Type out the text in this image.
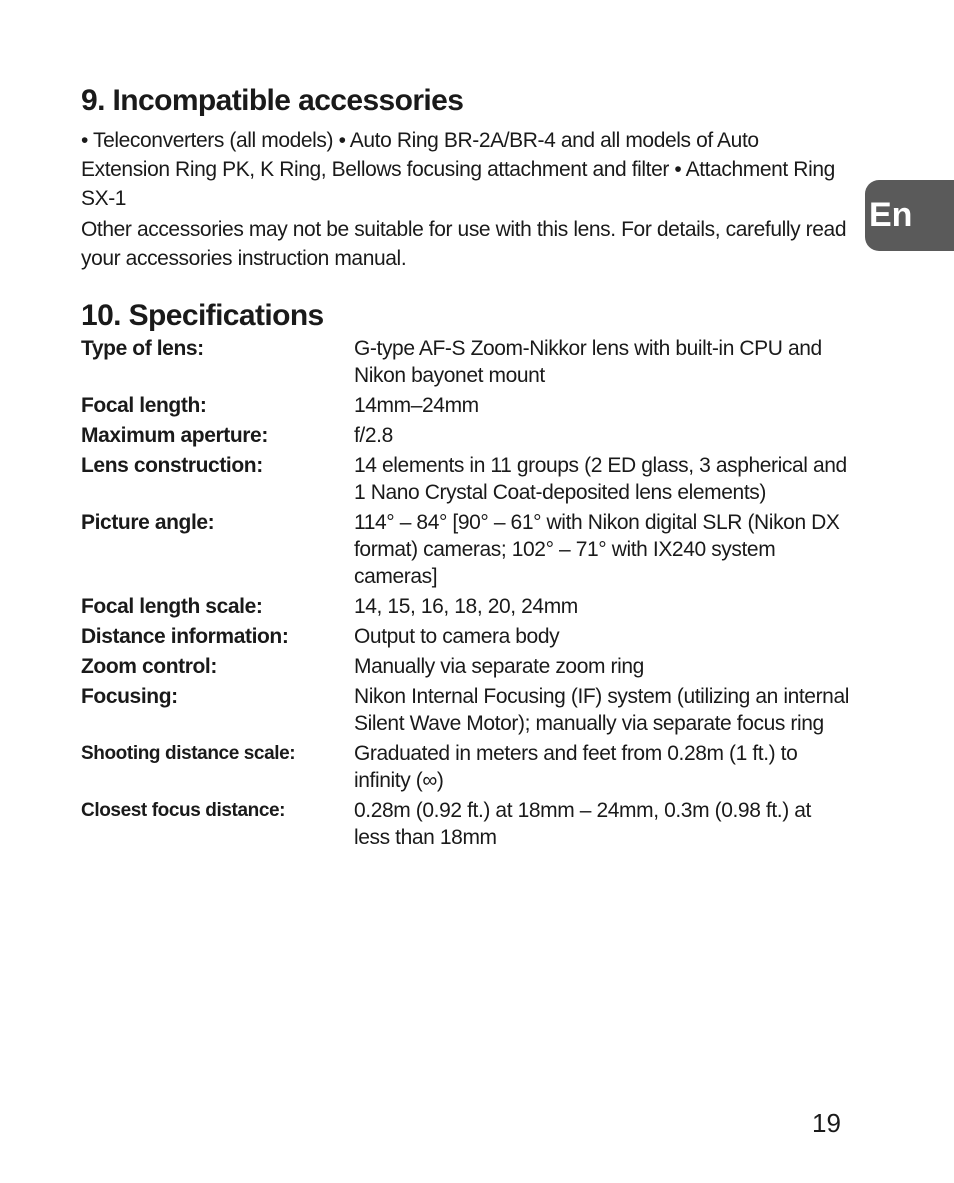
En
9. Incompatible accessories

• Teleconverters (all models) • Auto Ring BR-2A/BR-4 and all models of Auto Extension Ring PK, K Ring, Bellows focusing attachment and filter • Attachment Ring SX-1

Other accessories may not be suitable for use with this lens. For details, carefully read your accessories instruction manual.

10. Specifications
Type of lens:	G-type AF-S Zoom-Nikkor lens with built-in CPU and Nikon bayonet mount
Focal length:	14mm–24mm
Maximum aperture:	f/2.8
Lens construction:	14 elements in 11 groups (2 ED glass, 3 aspherical and 1 Nano Crystal Coat-deposited lens elements)
Picture angle:	114° – 84° [90° – 61° with Nikon digital SLR (Nikon DX format) cameras; 102° – 71° with IX240 system cameras]
Focal length scale:	14, 15, 16, 18, 20, 24mm
Distance information:	Output to camera body
Zoom control:	Manually via separate zoom ring
Focusing:	Nikon Internal Focusing (IF) system (utilizing an internal Silent Wave Motor); manually via separate focus ring
Shooting distance scale:	Graduated in meters and feet from 0.28m (1 ft.) to infinity (∞)
Closest focus distance:	0.28m (0.92 ft.) at 18mm – 24mm, 0.3m (0.98 ft.) at less than 18mm
19
